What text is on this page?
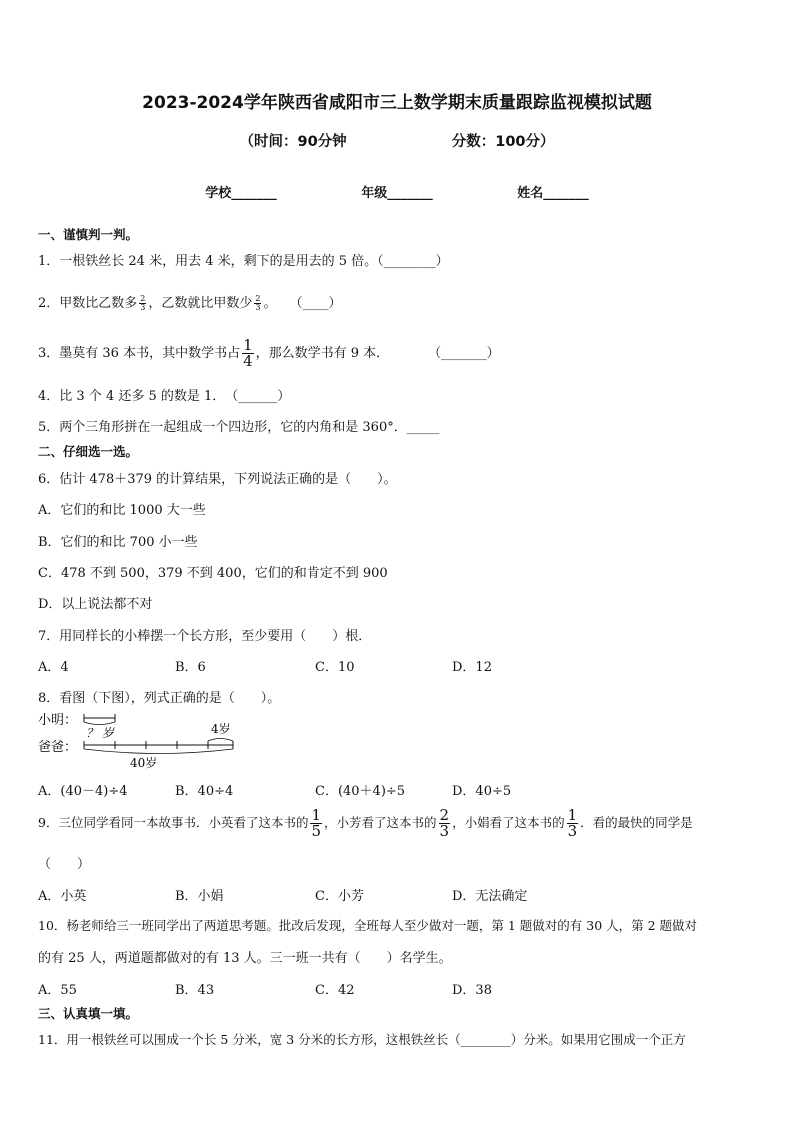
2023-2024学年陕西省咸阳市三上数学期末质量跟踪监视模拟试题
（时间：90分钟	分数：100分）
学校_______	年级_______	姓名_______
一、谨慎判一判。
1．一根铁丝长 24 米，用去 4 米，剩下的是用去的 5 倍。（________）
2．甲数比乙数多 $\frac{2}{3}$ ，乙数就比甲数少 $\frac{2}{3}$ 。　　（____）
3．墨莫有 36 本书，其中数学书占 $\frac{1}{4}$ ，那么数学书有 9 本．　　　　（_______）
4．比 3 个 4 还多 5 的数是 1．　（______）
5．两个三角形拼在一起组成一个四边形，它的内角和是 360°．_____
二、仔细选一选。
6．估计 478＋379 的计算结果，下列说法正确的是（　　）。
A．它们的和比 1000 大一些
B．它们的和比 700 小一些
C．478 不到 500，379 不到 400，它们的和肯定不到 900
D．以上说法都不对
7．用同样长的小棒摆一个长方形，至少要用（　　）根．
A．4	B．6	C．10	D．12
8．看图（下图），列式正确的是（　　）。
小明：
爸爸：
？ 岁	4岁
40岁
A．(40－4)÷4	B．40÷4	C．(40＋4)÷5	D．40÷5
9．三位同学看同一本故事书．小英看了这本书的 $\frac{1}{5}$ ，小芳看了这本书的 $\frac{2}{3}$ ，小娟看了这本书的 $\frac{1}{3}$ ．看的最快的同学是
（　　）
A．小英	B．小娟	C．小芳	D．无法确定
10．杨老师给三一班同学出了两道思考题。批改后发现，全班每人至少做对一题，第 1 题做对的有 30 人，第 2 题做对
的有 25 人，两道题都做对的有 13 人。三一班一共有（　　）名学生。
A．55	B．43	C．42	D．38
三、认真填一填。
11．用一根铁丝可以围成一个长 5 分米，宽 3 分米的长方形，这根铁丝长（________）分米。如果用它围成一个正方
